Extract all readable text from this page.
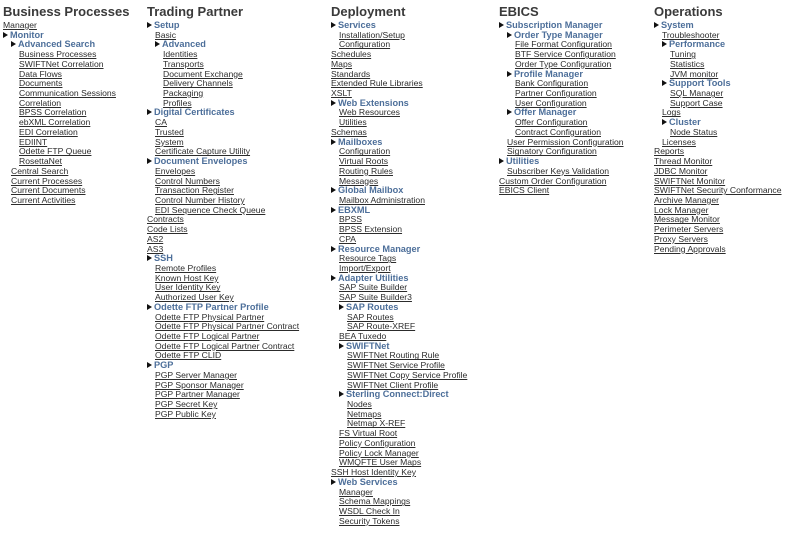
Business Processes
Manager
Monitor
Advanced Search
Business Processes
SWIFTNet Correlation
Data Flows
Documents
Communication Sessions
Correlation
BPSS Correlation
ebXML Correlation
EDI Correlation
EDIINT
Odette FTP Queue
RosettaNet
Central Search
Current Processes
Current Documents
Current Activities
Trading Partner
Setup
Basic
Advanced
Identities
Transports
Document Exchange
Delivery Channels
Packaging
Profiles
Digital Certificates
CA
Trusted
System
Certificate Capture Utility
Document Envelopes
Envelopes
Control Numbers
Transaction Register
Control Number History
EDI Sequence Check Queue
Contracts
Code Lists
AS2
AS3
SSH
Remote Profiles
Known Host Key
User Identity Key
Authorized User Key
Odette FTP Partner Profile
Odette FTP Physical Partner
Odette FTP Physical Partner Contract
Odette FTP Logical Partner
Odette FTP Logical Partner Contract
Odette FTP CLID
PGP
PGP Server Manager
PGP Sponsor Manager
PGP Partner Manager
PGP Secret Key
PGP Public Key
Deployment
Services
Installation/Setup
Configuration
Schedules
Maps
Standards
Extended Rule Libraries
XSLT
Web Extensions
Web Resources
Utilities
Schemas
Mailboxes
Configuration
Virtual Roots
Routing Rules
Messages
Global Mailbox
Mailbox Administration
EBXML
BPSS
BPSS Extension
CPA
Resource Manager
Resource Tags
Import/Export
Adapter Utilities
SAP Suite Builder
SAP Suite Builder3
SAP Routes
SAP Routes
SAP Route-XREF
BEA Tuxedo
SWIFTNet
SWIFTNet Routing Rule
SWIFTNet Service Profile
SWIFTNet Copy Service Profile
SWIFTNet Client Profile
Sterling Connect:Direct
Nodes
Netmaps
Netmap X-REF
FS Virtual Root
Policy Configuration
Policy Lock Manager
WMQFTE User Maps
SSH Host Identity Key
Web Services
Manager
Schema Mappings
WSDL Check In
Security Tokens
EBICS
Subscription Manager
Order Type Manager
File Format Configuration
BTF Service Configuration
Order Type Configuration
Profile Manager
Bank Configuration
Partner Configuration
User Configuration
Offer Manager
Offer Configuration
Contract Configuration
User Permission Configuration
Signatory Configuration
Utilities
Subscriber Keys Validation
Custom Order Configuration
EBICS Client
Operations
System
Troubleshooter
Performance
Tuning
Statistics
JVM monitor
Support Tools
SQL Manager
Support Case
Logs
Cluster
Node Status
Licenses
Reports
Thread Monitor
JDBC Monitor
SWIFTNet Monitor
SWIFTNet Security Conformance
Archive Manager
Lock Manager
Message Monitor
Perimeter Servers
Proxy Servers
Pending Approvals
